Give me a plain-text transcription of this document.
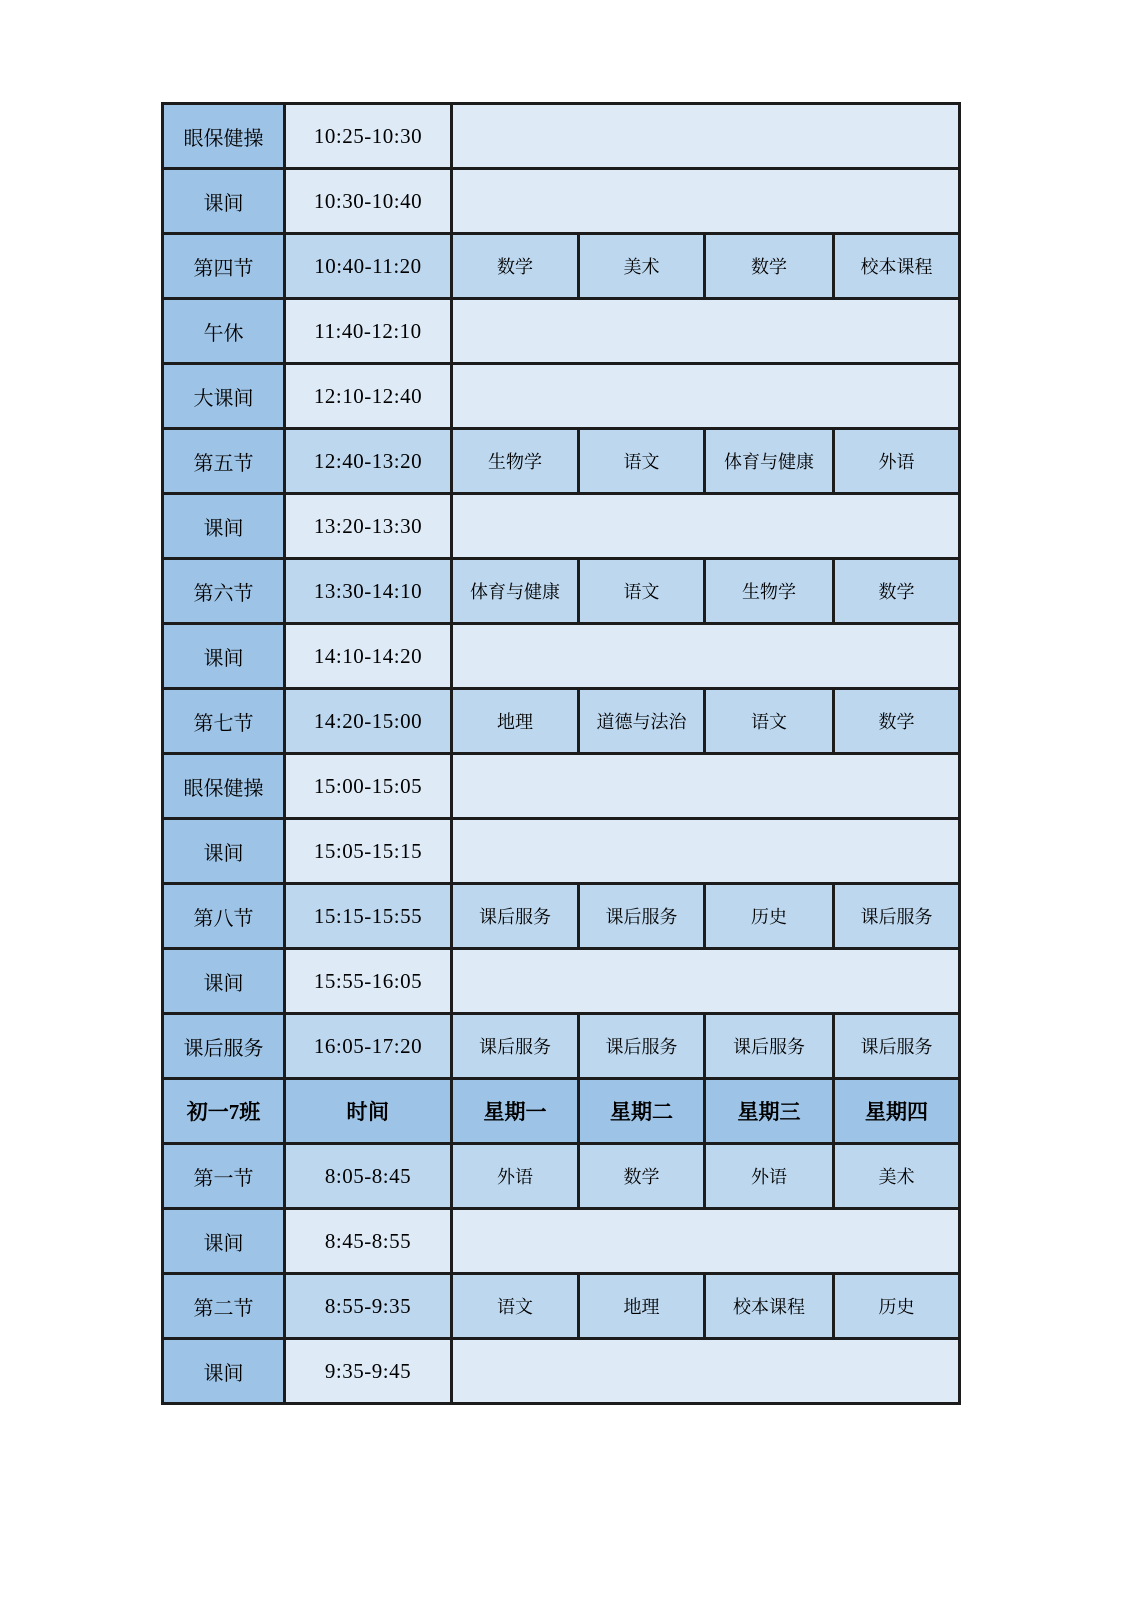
眼保健操	10:25-10:30				
课间	10:30-10:40				
第四节	10:40-11:20	数学	美术	数学	校本课程
午休	11:40-12:10				
大课间	12:10-12:40				
第五节	12:40-13:20	生物学	语文	体育与健康	外语
课间	13:20-13:30				
第六节	13:30-14:10	体育与健康	语文	生物学	数学
课间	14:10-14:20				
第七节	14:20-15:00	地理	道德与法治	语文	数学
眼保健操	15:00-15:05				
课间	15:05-15:15				
第八节	15:15-15:55	课后服务	课后服务	历史	课后服务
课间	15:55-16:05				
课后服务	16:05-17:20	课后服务	课后服务	课后服务	课后服务
初一7班	时间	星期一	星期二	星期三	星期四
第一节	8:05-8:45	外语	数学	外语	美术
课间	8:45-8:55				
第二节	8:55-9:35	语文	地理	校本课程	历史
课间	9:35-9:45				
